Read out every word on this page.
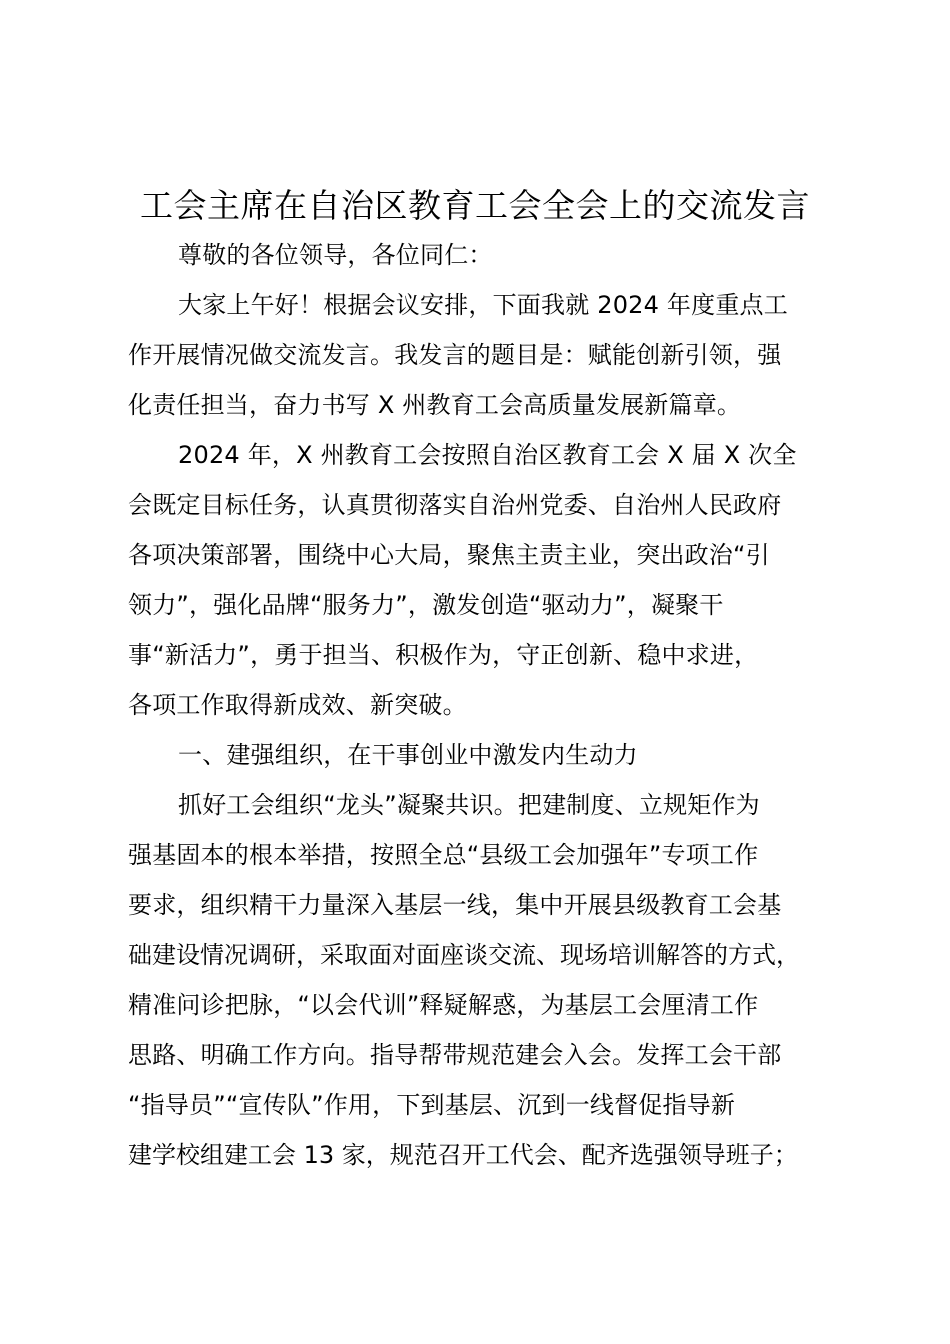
工会主席在自治区教育工会全会上的交流发言
尊敬的各位领导，各位同仁：
大家上午好！根据会议安排，下面我就 2024 年度重点工
作开展情况做交流发言。我发言的题目是：赋能创新引领，强
化责任担当，奋力书写 X 州教育工会高质量发展新篇章。
2024 年，X 州教育工会按照自治区教育工会 X 届 X 次全
会既定目标任务，认真贯彻落实自治州党委、自治州人民政府
各项决策部署，围绕中心大局，聚焦主责主业，突出政治“引
领力”，强化品牌“服务力”，激发创造“驱动力”，凝聚干
事“新活力”，勇于担当、积极作为，守正创新、稳中求进，
各项工作取得新成效、新突破。
一、建强组织，在干事创业中激发内生动力
抓好工会组织“龙头”凝聚共识。把建制度、立规矩作为
强基固本的根本举措，按照全总“县级工会加强年”专项工作
要求，组织精干力量深入基层一线，集中开展县级教育工会基
础建设情况调研，采取面对面座谈交流、现场培训解答的方式，
精准问诊把脉，“以会代训”释疑解惑，为基层工会厘清工作
思路、明确工作方向。指导帮带规范建会入会。发挥工会干部
“指导员”“宣传队”作用，下到基层、沉到一线督促指导新
建学校组建工会 13 家，规范召开工代会、配齐选强领导班子；
